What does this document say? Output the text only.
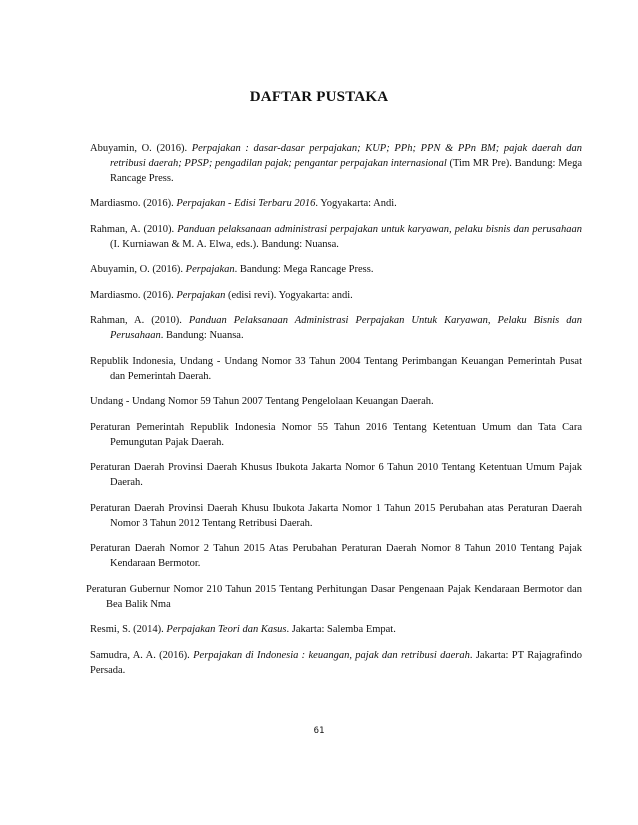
DAFTAR PUSTAKA

Abuyamin, O. (2016). Perpajakan : dasar-dasar perpajakan; KUP; PPh; PPN & PPn BM; pajak daerah dan retribusi daerah; PPSP; pengadilan pajak; pengantar perpajakan internasional (Tim MR Pre). Bandung: Mega Rancage Press.

Mardiasmo. (2016). Perpajakan - Edisi Terbaru 2016. Yogyakarta: Andi.

Rahman, A. (2010). Panduan pelaksanaan administrasi perpajakan untuk karyawan, pelaku bisnis dan perusahaan (I. Kurniawan & M. A. Elwa, eds.). Bandung: Nuansa.

Abuyamin, O. (2016). Perpajakan. Bandung: Mega Rancage Press.

Mardiasmo. (2016). Perpajakan (edisi revi). Yogyakarta: andi.

Rahman, A. (2010). Panduan Pelaksanaan Administrasi Perpajakan Untuk Karyawan, Pelaku Bisnis dan Perusahaan. Bandung: Nuansa.

Republik Indonesia, Undang - Undang Nomor 33 Tahun 2004 Tentang Perimbangan Keuangan Pemerintah Pusat dan Pemerintah Daerah.

Undang - Undang Nomor 59 Tahun 2007 Tentang Pengelolaan Keuangan Daerah.

Peraturan Pemerintah Republik Indonesia Nomor 55 Tahun 2016 Tentang Ketentuan Umum dan Tata Cara Pemungutan Pajak Daerah.

Peraturan Daerah Provinsi Daerah Khusus Ibukota Jakarta Nomor 6 Tahun 2010 Tentang Ketentuan Umum Pajak Daerah.

Peraturan Daerah Provinsi Daerah Khusu Ibukota Jakarta Nomor 1 Tahun 2015 Perubahan atas Peraturan Daerah Nomor 3 Tahun 2012 Tentang Retribusi Daerah.

Peraturan Daerah Nomor 2 Tahun 2015 Atas Perubahan Peraturan Daerah Nomor 8 Tahun 2010 Tentang Pajak Kendaraan Bermotor.

Peraturan Gubernur Nomor 210 Tahun 2015 Tentang Perhitungan Dasar Pengenaan Pajak Kendaraan Bermotor dan Bea Balik Nma

Resmi, S. (2014). Perpajakan Teori dan Kasus. Jakarta: Salemba Empat.

Samudra, A. A. (2016). Perpajakan di Indonesia : keuangan, pajak dan retribusi daerah. Jakarta: PT Rajagrafindo Persada.

61
